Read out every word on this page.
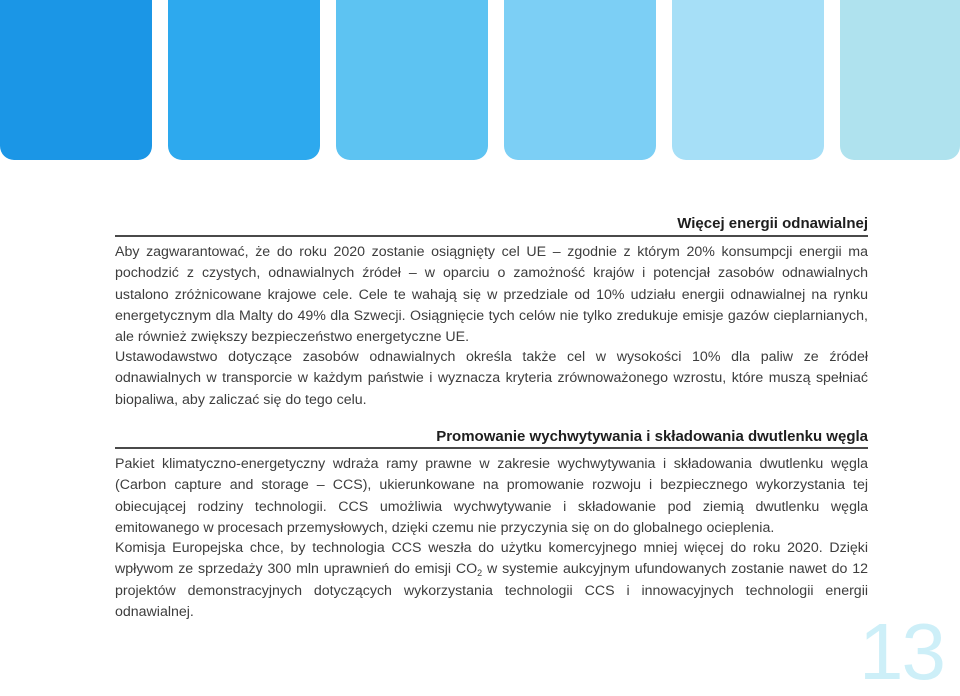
Więcej energii odnawialnej

Aby zagwarantować, że do roku 2020 zostanie osiągnięty cel UE – zgodnie z którym 20% konsumpcji energii ma pochodzić z czystych, odnawialnych źródeł – w oparciu o zamożność krajów i potencjał zasobów odnawialnych ustalono zróżnicowane krajowe cele. Cele te wahają się w przedziale od 10% udziału energii odnawialnej na rynku energetycznym dla Malty do 49% dla Szwecji. Osiągnięcie tych celów nie tylko zredukuje emisje gazów cieplarnianych, ale również zwiększy bezpieczeństwo energetyczne UE.

Ustawodawstwo dotyczące zasobów odnawialnych określa także cel w wysokości 10% dla paliw ze źródeł odnawialnych w transporcie w każdym państwie i wyznacza kryteria zrównoważonego wzrostu, które muszą spełniać biopaliwa, aby zaliczać się do tego celu.

Promowanie wychwytywania i składowania dwutlenku węgla

Pakiet klimatyczno-energetyczny wdraża ramy prawne w zakresie wychwytywania i składowania dwutlenku węgla (Carbon capture and storage – CCS), ukierunkowane na promowanie rozwoju i bezpiecznego wykorzystania tej obiecującej rodziny technologii. CCS umożliwia wychwytywanie i składowanie pod ziemią dwutlenku węgla emitowanego w procesach przemysłowych, dzięki czemu nie przyczynia się on do globalnego ocieplenia.

Komisja Europejska chce, by technologia CCS weszła do użytku komercyjnego mniej więcej do roku 2020. Dzięki wpływom ze sprzedaży 300 mln uprawnień do emisji $CO_2$ w systemie aukcyjnym ufundowanych zostanie nawet do 12 projektów demonstracyjnych dotyczących wykorzystania technologii CCS i innowacyjnych technologii energii odnawialnej.	13
